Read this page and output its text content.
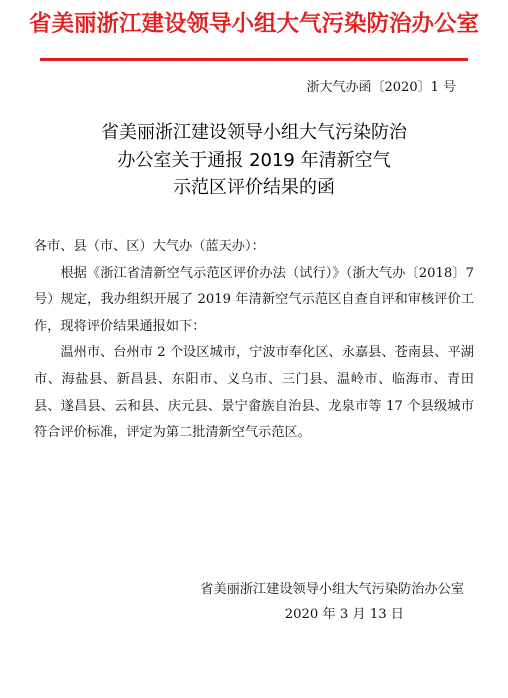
省美丽浙江建设领导小组大气污染防治办公室
浙大气办函〔2020〕1 号
省美丽浙江建设领导小组大气污染防治
办公室关于通报 2019 年清新空气
示范区评价结果的函

各市、县（市、区）大气办（蓝天办）：

根据《浙江省清新空气示范区评价办法（试行）》（浙大气办〔2018〕7 号）规定，我办组织开展了 2019 年清新空气示范区自查自评和审核评价工作，现将评价结果通报如下：

温州市、台州市 2 个设区城市，宁波市奉化区、永嘉县、苍南县、平湖市、海盐县、新昌县、东阳市、义乌市、三门县、温岭市、临海市、青田县、遂昌县、云和县、庆元县、景宁畲族自治县、龙泉市等 17 个县级城市符合评价标准，评定为第二批清新空气示范区。

省美丽浙江建设领导小组大气污染防治办公室
2020 年 3 月 13 日
